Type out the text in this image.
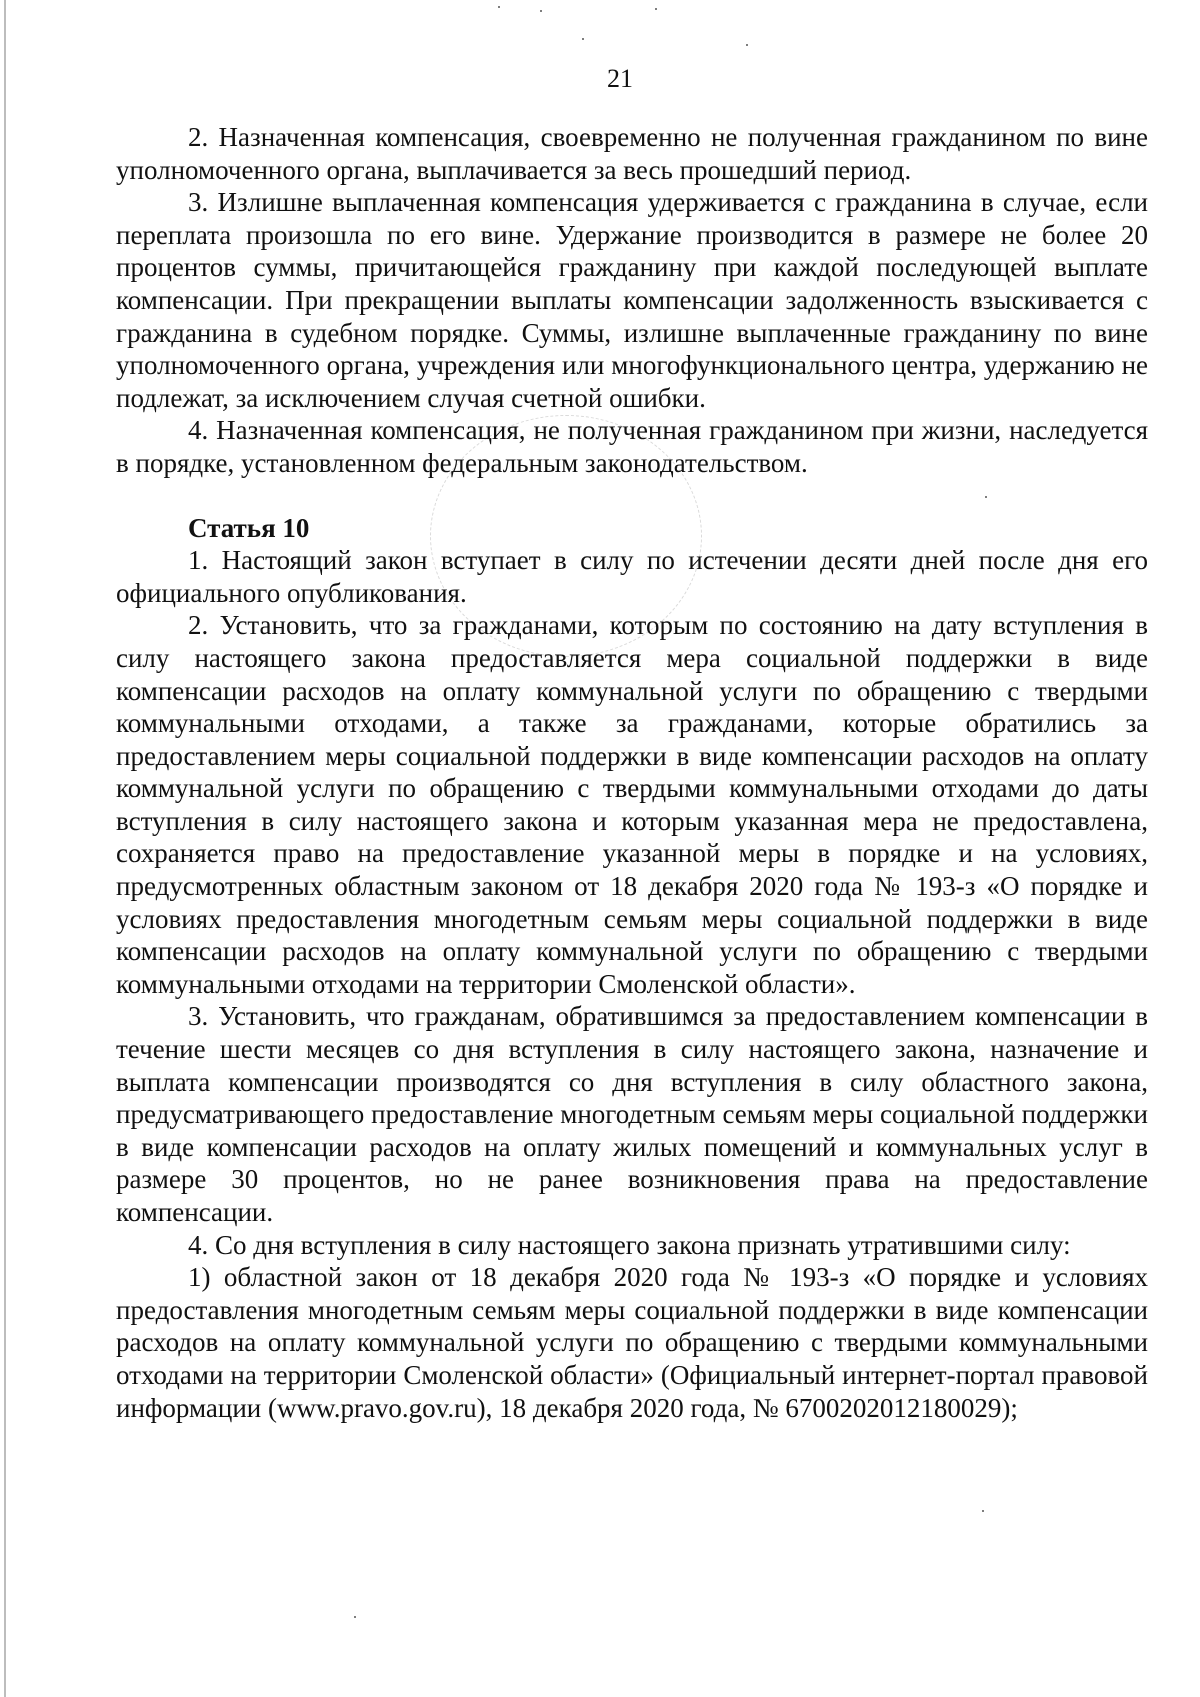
21

2. Назначенная компенсация, своевременно не полученная гражданином по вине уполномоченного органа, выплачивается за весь прошедший период.

3. Излишне выплаченная компенсация удерживается с гражданина в случае, если переплата произошла по его вине. Удержание производится в размере не более 20 процентов суммы, причитающейся гражданину при каждой последующей выплате компенсации. При прекращении выплаты компенсации задолженность взыскивается с гражданина в судебном порядке. Суммы, излишне выплаченные гражданину по вине уполномоченного органа, учреждения или многофункционального центра, удержанию не подлежат, за исключением случая счетной ошибки.

4. Назначенная компенсация, не полученная гражданином при жизни, наследуется в порядке, установленном федеральным законодательством.

Статья 10

1. Настоящий закон вступает в силу по истечении десяти дней после дня его официального опубликования.

2. Установить, что за гражданами, которым по состоянию на дату вступления в силу настоящего закона предоставляется мера социальной поддержки в виде компенсации расходов на оплату коммунальной услуги по обращению с твердыми коммунальными отходами, а также за гражданами, которые обратились за предоставлением меры социальной поддержки в виде компенсации расходов на оплату коммунальной услуги по обращению с твердыми коммунальными отходами до даты вступления в силу настоящего закона и которым указанная мера не предоставлена, сохраняется право на предоставление указанной меры в порядке и на условиях, предусмотренных областным законом от 18 декабря 2020 года № 193-з «О порядке и условиях предоставления многодетным семьям меры социальной поддержки в виде компенсации расходов на оплату коммунальной услуги по обращению с твердыми коммунальными отходами на территории Смоленской области».

3. Установить, что гражданам, обратившимся за предоставлением компенсации в течение шести месяцев со дня вступления в силу настоящего закона, назначение и выплата компенсации производятся со дня вступления в силу областного закона, предусматривающего предоставление многодетным семьям меры социальной поддержки в виде компенсации расходов на оплату жилых помещений и коммунальных услуг в размере 30 процентов, но не ранее возникновения права на предоставление компенсации.

4. Со дня вступления в силу настоящего закона признать утратившими силу:

1) областной закон от 18 декабря 2020 года № 193-з «О порядке и условиях предоставления многодетным семьям меры социальной поддержки в виде компенсации расходов на оплату коммунальной услуги по обращению с твердыми коммунальными отходами на территории Смоленской области» (Официальный интернет-портал правовой информации (www.pravo.gov.ru), 18 декабря 2020 года, № 6700202012180029);
